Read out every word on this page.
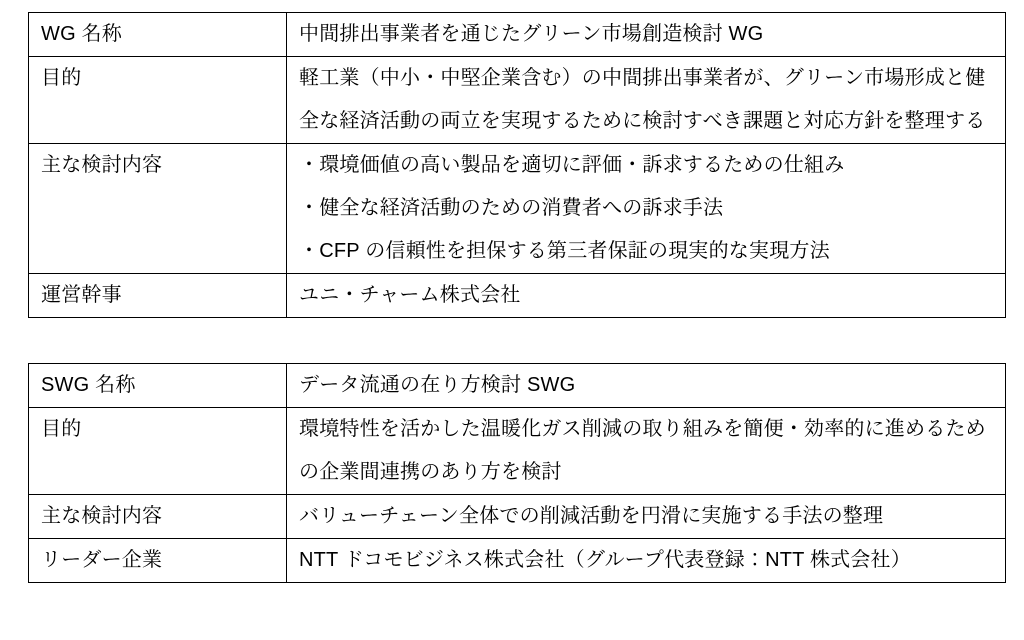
WG 名称	中間排出事業者を通じたグリーン市場創造検討 WG

目的	軽工業（中小・中堅企業含む）の中間排出事業者が、グリーン市場形成と健全な経済活動の両立を実現するために検討すべき課題と対応方針を整理する

主な検討内容	・環境価値の高い製品を適切に評価・訴求するための仕組み
・健全な経済活動のための消費者への訴求手法
・CFP の信頼性を担保する第三者保証の現実的な実現方法

運営幹事	ユニ・チャーム株式会社
SWG 名称	データ流通の在り方検討 SWG

目的	環境特性を活かした温暖化ガス削減の取り組みを簡便・効率的に進めるための企業間連携のあり方を検討

主な検討内容	バリューチェーン全体での削減活動を円滑に実施する手法の整理

リーダー企業	NTT ドコモビジネス株式会社（グループ代表登録：NTT 株式会社）
